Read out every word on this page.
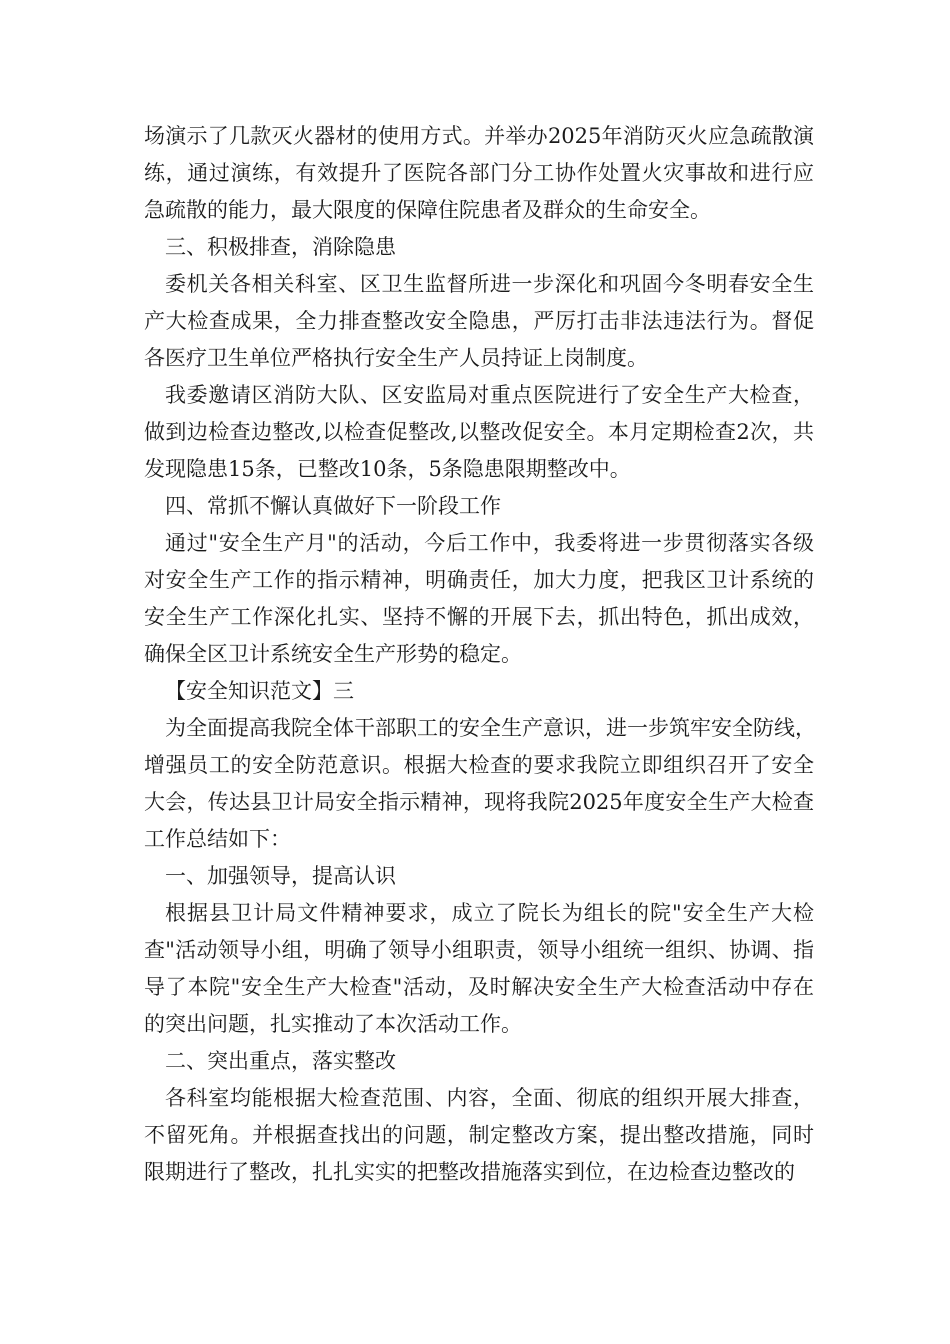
场演示了几款灭火器材的使用方式。并举办2025年消防灭火应急疏散演
练，通过演练，有效提升了医院各部门分工协作处置火灾事故和进行应
急疏散的能力，最大限度的保障住院患者及群众的生命安全。
三、积极排查，消除隐患
委机关各相关科室、区卫生监督所进一步深化和巩固今冬明春安全生
产大检查成果，全力排查整改安全隐患，严厉打击非法违法行为。督促
各医疗卫生单位严格执行安全生产人员持证上岗制度。
我委邀请区消防大队、区安监局对重点医院进行了安全生产大检查，
做到边检查边整改,以检查促整改,以整改促安全。本月定期检查2次，共
发现隐患15条，已整改10条，5条隐患限期整改中。
四、常抓不懈认真做好下一阶段工作
通过"安全生产月"的活动，今后工作中，我委将进一步贯彻落实各级
对安全生产工作的指示精神，明确责任，加大力度，把我区卫计系统的
安全生产工作深化扎实、坚持不懈的开展下去，抓出特色，抓出成效，
确保全区卫计系统安全生产形势的稳定。
【安全知识范文】三
为全面提高我院全体干部职工的安全生产意识，进一步筑牢安全防线，
增强员工的安全防范意识。根据大检查的要求我院立即组织召开了安全
大会，传达县卫计局安全指示精神，现将我院2025年度安全生产大检查
工作总结如下：
一、加强领导，提高认识
根据县卫计局文件精神要求，成立了院长为组长的院"安全生产大检
查"活动领导小组，明确了领导小组职责，领导小组统一组织、协调、指
导了本院"安全生产大检查"活动，及时解决安全生产大检查活动中存在
的突出问题，扎实推动了本次活动工作。
二、突出重点，落实整改
各科室均能根据大检查范围、内容，全面、彻底的组织开展大排查，
不留死角。并根据查找出的问题，制定整改方案，提出整改措施，同时
限期进行了整改，扎扎实实的把整改措施落实到位，在边检查边整改的
